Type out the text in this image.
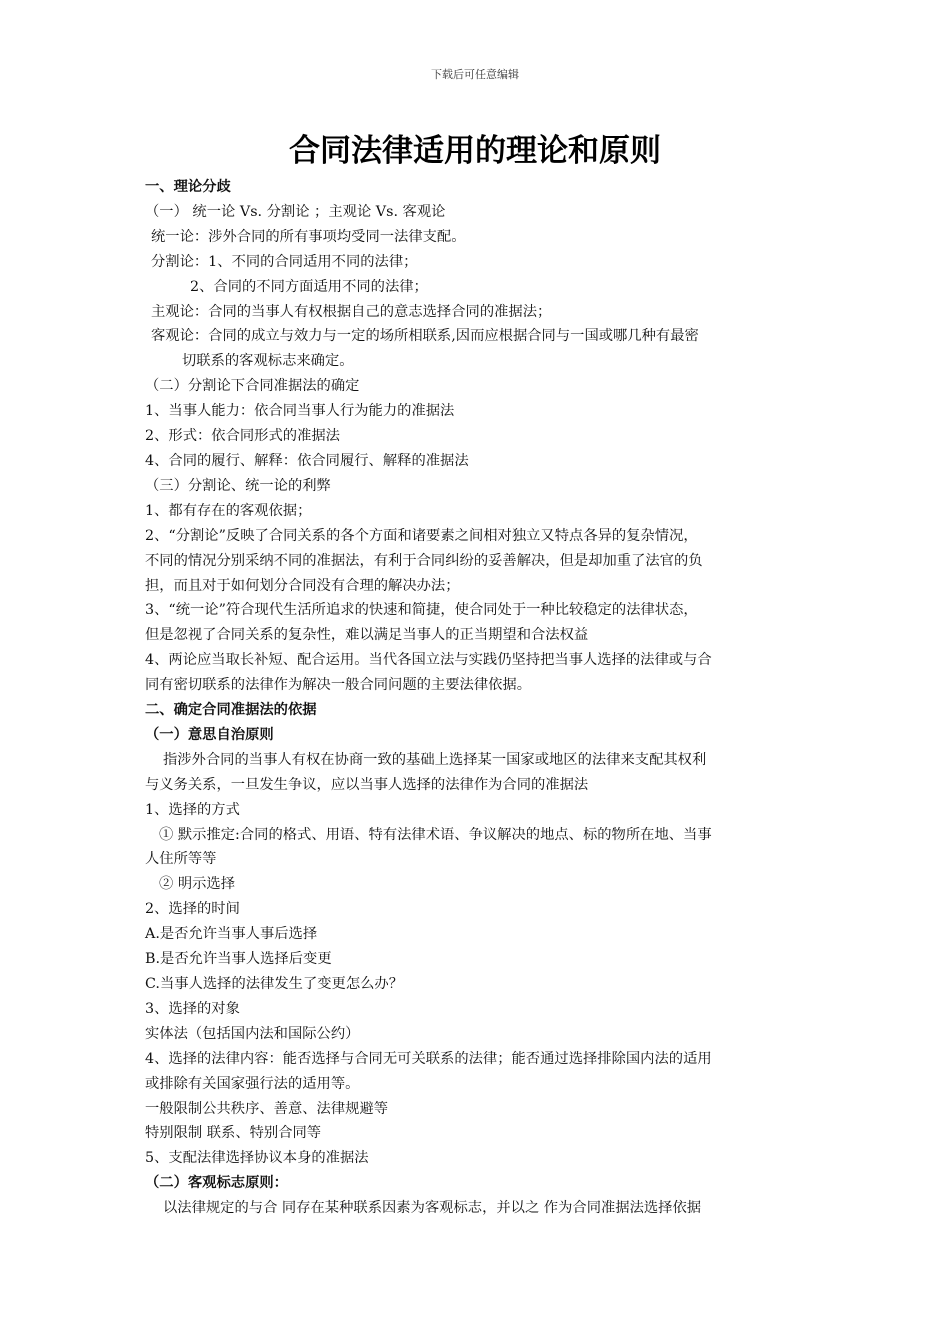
下载后可任意编辑
合同法律适用的理论和原则

一、理论分歧

（一） 统一论 Vs. 分割论 ；主观论 Vs. 客观论

统一论：涉外合同的所有事项均受同一法律支配。

分割论：1、不同的合同适用不同的法律；

2、合同的不同方面适用不同的法律；

主观论：合同的当事人有权根据自己的意志选择合同的准据法；

客观论：合同的成立与效力与一定的场所相联系,因而应根据合同与一国或哪几种有最密

切联系的客观标志来确定。

（二）分割论下合同准据法的确定

1、当事人能力：依合同当事人行为能力的准据法

2、形式：依合同形式的准据法

4、合同的履行、解释：依合同履行、解释的准据法

（三）分割论、统一论的利弊

1、都有存在的客观依据；

2、“分割论”反映了合同关系的各个方面和诸要素之间相对独立又特点各异的复杂情况，

不同的情况分别采纳不同的准据法，有利于合同纠纷的妥善解决，但是却加重了法官的负

担，而且对于如何划分合同没有合理的解决办法；

3、“统一论”符合现代生活所追求的快速和简捷，使合同处于一种比较稳定的法律状态，

但是忽视了合同关系的复杂性，难以满足当事人的正当期望和合法权益

4、两论应当取长补短、配合运用。当代各国立法与实践仍坚持把当事人选择的法律或与合

同有密切联系的法律作为解决一般合同问题的主要法律依据。

二、确定合同准据法的依据

（一）意思自治原则

指涉外合同的当事人有权在协商一致的基础上选择某一国家或地区的法律来支配其权利

与义务关系，一旦发生争议，应以当事人选择的法律作为合同的准据法

1、选择的方式

① 默示推定:合同的格式、用语、特有法律术语、争议解决的地点、标的物所在地、当事

人住所等等

② 明示选择

2、选择的时间

A.是否允许当事人事后选择

B.是否允许当事人选择后变更

C.当事人选择的法律发生了变更怎么办？

3、选择的对象

实体法（包括国内法和国际公约）

4、选择的法律内容：能否选择与合同无可关联系的法律；能否通过选择排除国内法的适用

或排除有关国家强行法的适用等。

一般限制公共秩序、善意、法律规避等

特别限制 联系、特别合同等

5、支配法律选择协议本身的准据法

（二）客观标志原则：

以法律规定的与合 同存在某种联系因素为客观标志，并以之 作为合同准据法选择依据
